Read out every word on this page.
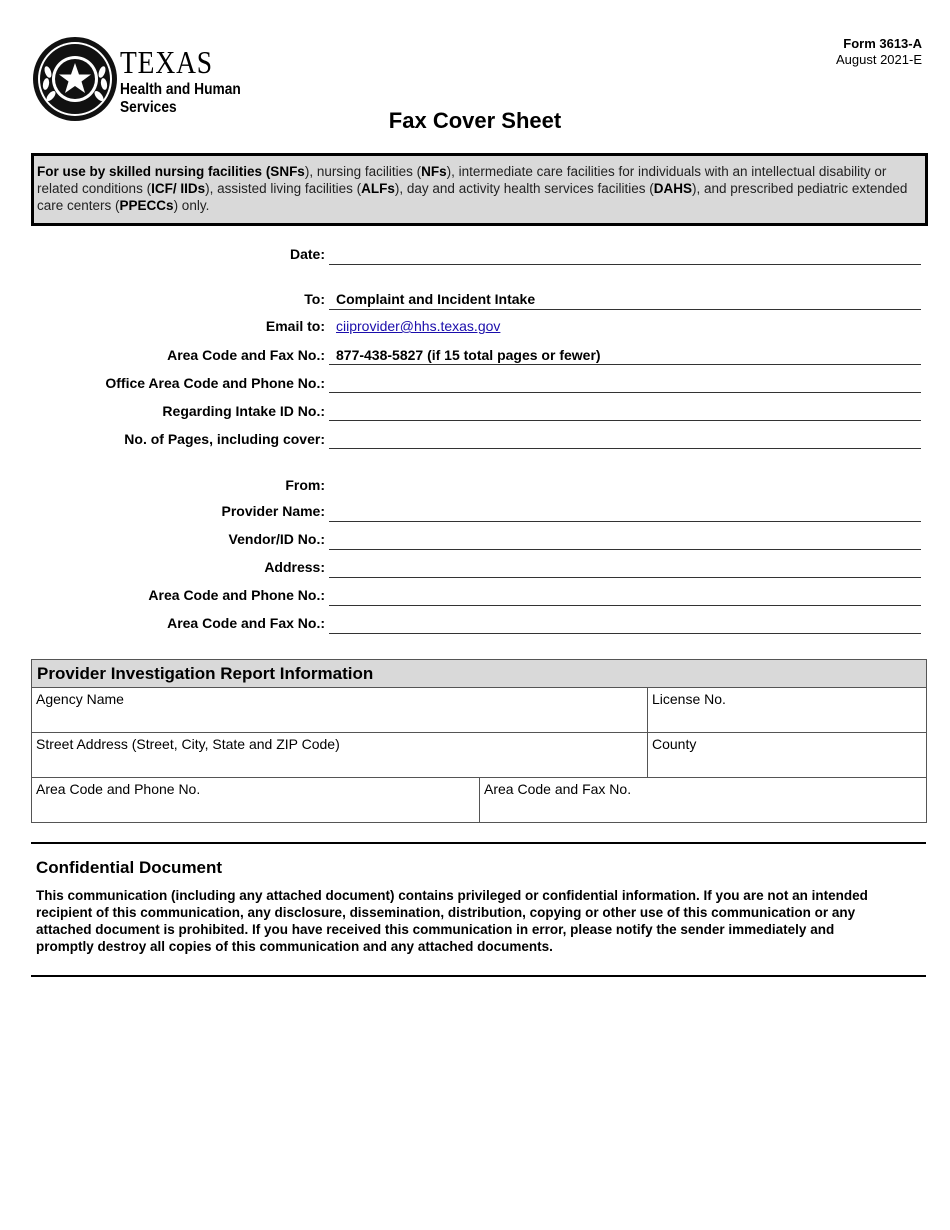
TEXAS
Health and Human
Services
Form 3613-A
August 2021-E
Fax Cover Sheet
For use by skilled nursing facilities (SNFs), nursing facilities (NFs), intermediate care facilities for individuals with an intellectual disability or related conditions (ICF/ IIDs), assisted living facilities (ALFs), day and activity health services facilities (DAHS), and prescribed pediatric extended care centers (PPECCs) only.
Date:
To: Complaint and Incident Intake
Email to: ciiprovider@hhs.texas.gov
Area Code and Fax No.: 877-438-5827 (if 15 total pages or fewer)
Office Area Code and Phone No.:
Regarding Intake ID No.:
No. of Pages, including cover:
From:
Provider Name:
Vendor/ID No.:
Address:
Area Code and Phone No.:
Area Code and Fax No.:
Provider Investigation Report Information
Agency Name	License No.
Street Address (Street, City, State and ZIP Code)	County
Area Code and Phone No.	Area Code and Fax No.
Confidential Document
This communication (including any attached document) contains privileged or confidential information. If you are not an intended recipient of this communication, any disclosure, dissemination, distribution, copying or other use of this communication or any attached document is prohibited. If you have received this communication in error, please notify the sender immediately and promptly destroy all copies of this communication and any attached documents.
